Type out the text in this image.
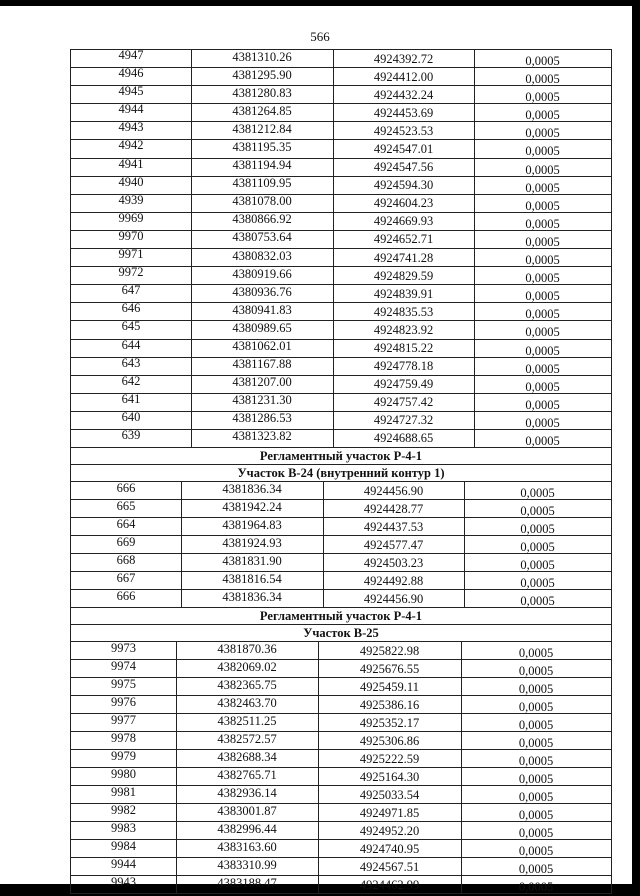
566
4947	4381310.26	4924392.72	0,0005
4946	4381295.90	4924412.00	0,0005
4945	4381280.83	4924432.24	0,0005
4944	4381264.85	4924453.69	0,0005
4943	4381212.84	4924523.53	0,0005
4942	4381195.35	4924547.01	0,0005
4941	4381194.94	4924547.56	0,0005
4940	4381109.95	4924594.30	0,0005
4939	4381078.00	4924604.23	0,0005
9969	4380866.92	4924669.93	0,0005
9970	4380753.64	4924652.71	0,0005
9971	4380832.03	4924741.28	0,0005
9972	4380919.66	4924829.59	0,0005
647	4380936.76	4924839.91	0,0005
646	4380941.83	4924835.53	0,0005
645	4380989.65	4924823.92	0,0005
644	4381062.01	4924815.22	0,0005
643	4381167.88	4924778.18	0,0005
642	4381207.00	4924759.49	0,0005
641	4381231.30	4924757.42	0,0005
640	4381286.53	4924727.32	0,0005
639	4381323.82	4924688.65	0,0005
Регламентный участок Р-4-1
Участок В-24 (внутренний контур 1)
666	4381836.34	4924456.90	0,0005
665	4381942.24	4924428.77	0,0005
664	4381964.83	4924437.53	0,0005
669	4381924.93	4924577.47	0,0005
668	4381831.90	4924503.23	0,0005
667	4381816.54	4924492.88	0,0005
666	4381836.34	4924456.90	0,0005
Регламентный участок Р-4-1
Участок В-25
9973	4381870.36	4925822.98	0,0005
9974	4382069.02	4925676.55	0,0005
9975	4382365.75	4925459.11	0,0005
9976	4382463.70	4925386.16	0,0005
9977	4382511.25	4925352.17	0,0005
9978	4382572.57	4925306.86	0,0005
9979	4382688.34	4925222.59	0,0005
9980	4382765.71	4925164.30	0,0005
9981	4382936.14	4925033.54	0,0005
9982	4383001.87	4924971.85	0,0005
9983	4382996.44	4924952.20	0,0005
9984	4383163.60	4924740.95	0,0005
9944	4383310.99	4924567.51	0,0005
9943	4383188.47	4924462.99	0,0005
